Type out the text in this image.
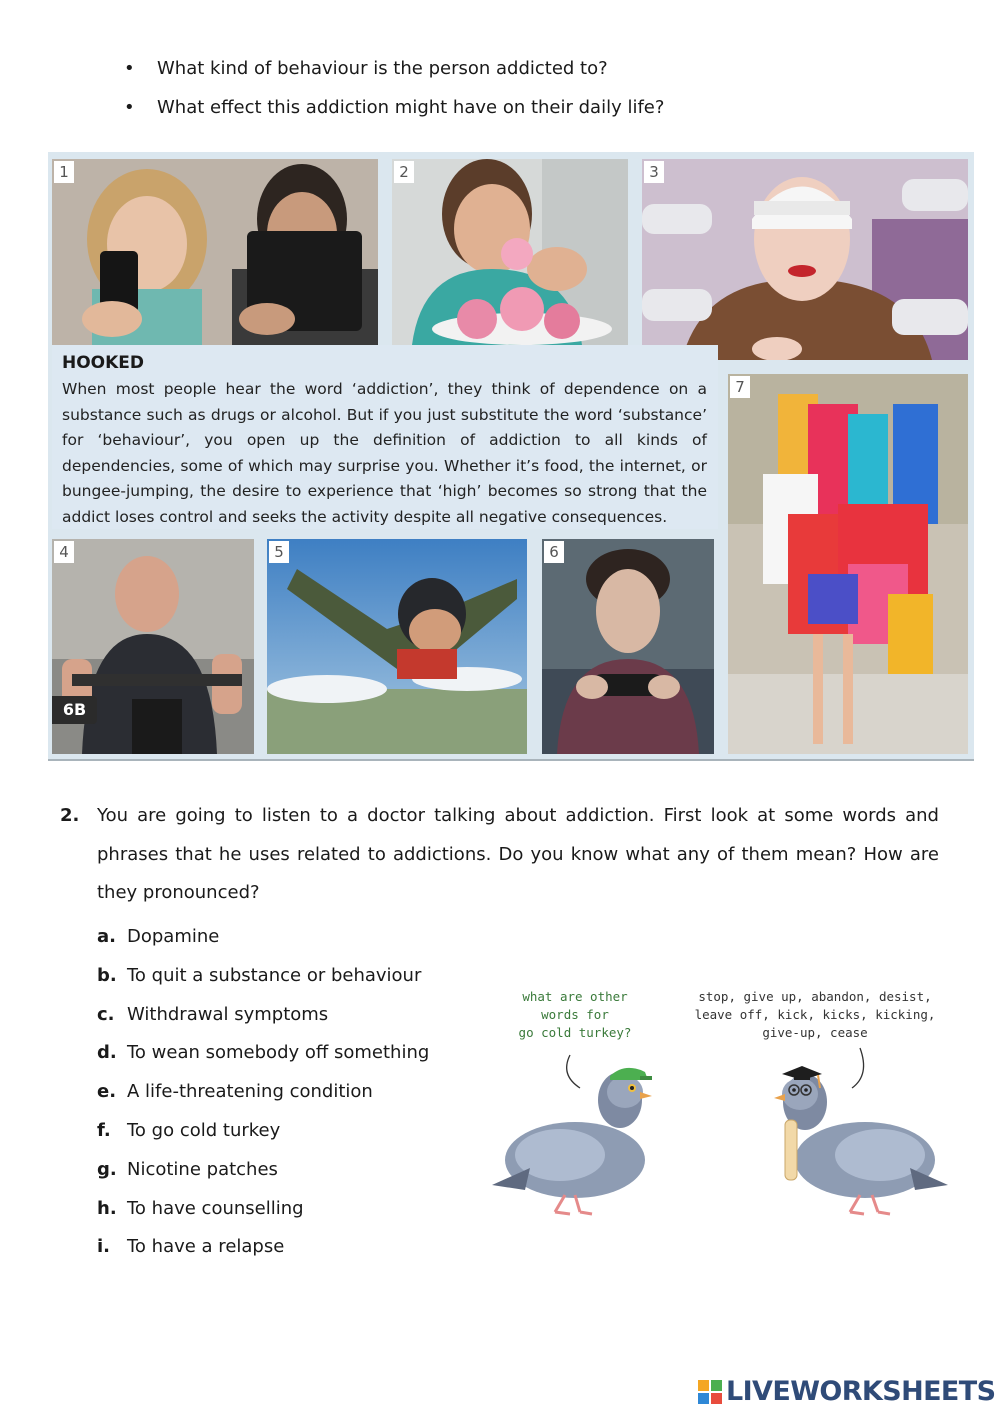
• What kind of behaviour is the person addicted to?
• What effect this addiction might have on their daily life?
1	2	3
HOOKED
When most people hear the word ‘addiction’, they think of dependence on a substance such as drugs or alcohol. But if you just substitute the word ‘substance’ for ‘behaviour’, you open up the definition of addiction to all kinds of dependencies, some of which may surprise you. Whether it’s food, the internet, or bungee-jumping, the desire to experience that ‘high’ becomes so strong that the addict loses control and seeks the activity despite all negative consequences.
7
4
6B
5	6
2. You are going to listen to a doctor talking about addiction. First look at some words and phrases that he uses related to addictions. Do you know what any of them mean? How are they pronounced?
a. Dopamine
b. To quit a substance or behaviour
c. Withdrawal symptoms
d. To wean somebody off something
e. A life-threatening condition
f. To go cold turkey
g. Nicotine patches
h. To have counselling
i. To have a relapse
what are other
words for
go cold turkey?
stop, give up, abandon, desist,
leave off, kick, kicks, kicking,
give-up, cease
LIVEWORKSHEETS
